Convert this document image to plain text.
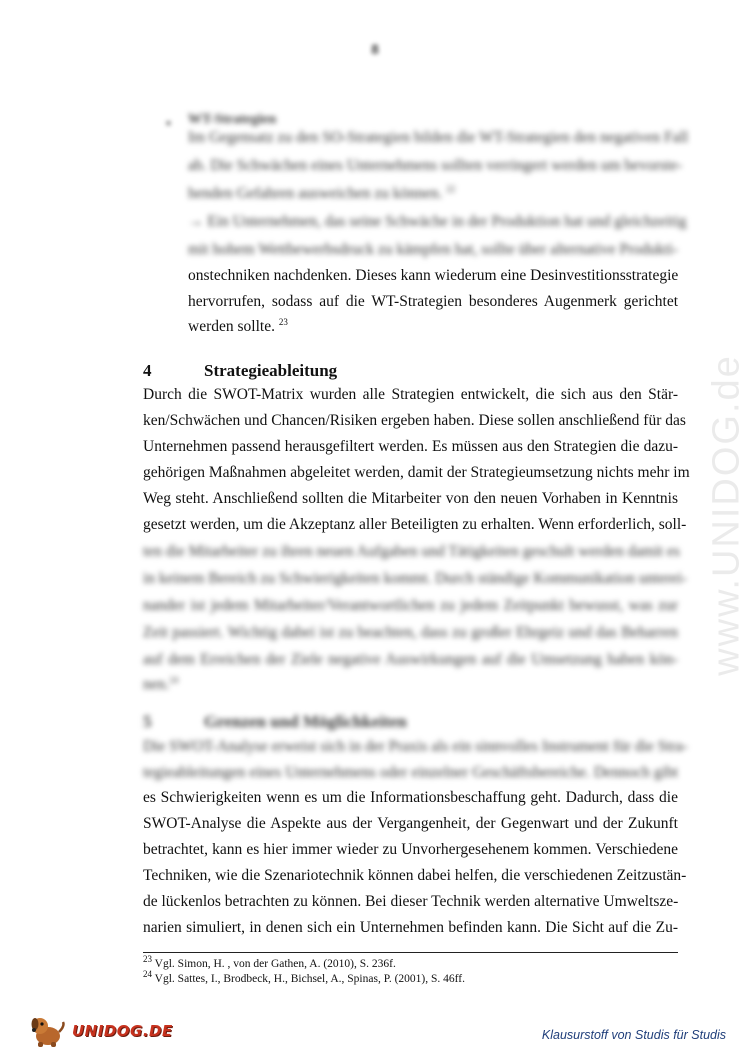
8
• WT-Strategien
Im Gegensatz zu den SO-Strategien bilden die WT-Strategien den negativen Fall
ab. Die Schwächen eines Unternehmens sollten verringert werden um bevorste-
henden Gefahren ausweichen zu können. $^{22}$
→ Ein Unternehmen, das seine Schwäche in der Produktion hat und gleichzeitig
mit hohem Wettbewerbsdruck zu kämpfen hat, sollte über alternative Produkti-
onstechniken nachdenken. Dieses kann wiederum eine Desinvestitionsstrategie
hervorrufen, sodass auf die WT-Strategien besonderes Augenmerk gerichtet
werden sollte. $^{23}$
4	Strategieableitung
Durch die SWOT-Matrix wurden alle Strategien entwickelt, die sich aus den Stär-
ken/Schwächen und Chancen/Risiken ergeben haben. Diese sollen anschließend für das
Unternehmen passend herausgefiltert werden. Es müssen aus den Strategien die dazu-
gehörigen Maßnahmen abgeleitet werden, damit der Strategieumsetzung nichts mehr im
Weg steht. Anschließend sollten die Mitarbeiter von den neuen Vorhaben in Kenntnis
gesetzt werden, um die Akzeptanz aller Beteiligten zu erhalten. Wenn erforderlich, soll-
ten die Mitarbeiter zu ihren neuen Aufgaben und Tätigkeiten geschult werden damit es
in keinem Bereich zu Schwierigkeiten kommt. Durch ständige Kommunikation unterei-
nander ist jedem Mitarbeiter/Verantwortlichen zu jedem Zeitpunkt bewusst, was zur
Zeit passiert. Wichtig dabei ist zu beachten, dass zu großer Ehrgeiz und das Beharren
auf dem Erreichen der Ziele negative Auswirkungen auf die Umsetzung haben kön-
nen.$^{24}$
5	Grenzen und Möglichkeiten
Die SWOT-Analyse erweist sich in der Praxis als ein sinnvolles Instrument für die Stra-
tegieableitungen eines Unternehmens oder einzelner Geschäftsbereiche. Dennoch gibt
es Schwierigkeiten wenn es um die Informationsbeschaffung geht. Dadurch, dass die
SWOT-Analyse die Aspekte aus der Vergangenheit, der Gegenwart und der Zukunft
betrachtet, kann es hier immer wieder zu Unvorhergesehenem kommen. Verschiedene
Techniken, wie die Szenariotechnik können dabei helfen, die verschiedenen Zeitzustän-
de lückenlos betrachten zu können. Bei dieser Technik werden alternative Umweltsze-
narien simuliert, in denen sich ein Unternehmen befinden kann. Die Sicht auf die Zu-
www.UNIDOG.de
$^{23}$ Vgl. Simon, H. , von der Gathen, A. (2010), S. 236f.
$^{24}$ Vgl. Sattes, I., Brodbeck, H., Bichsel, A., Spinas, P. (2001), S. 46ff.
UNIDOG.DE	Klausurstoff von Studis für Studis
